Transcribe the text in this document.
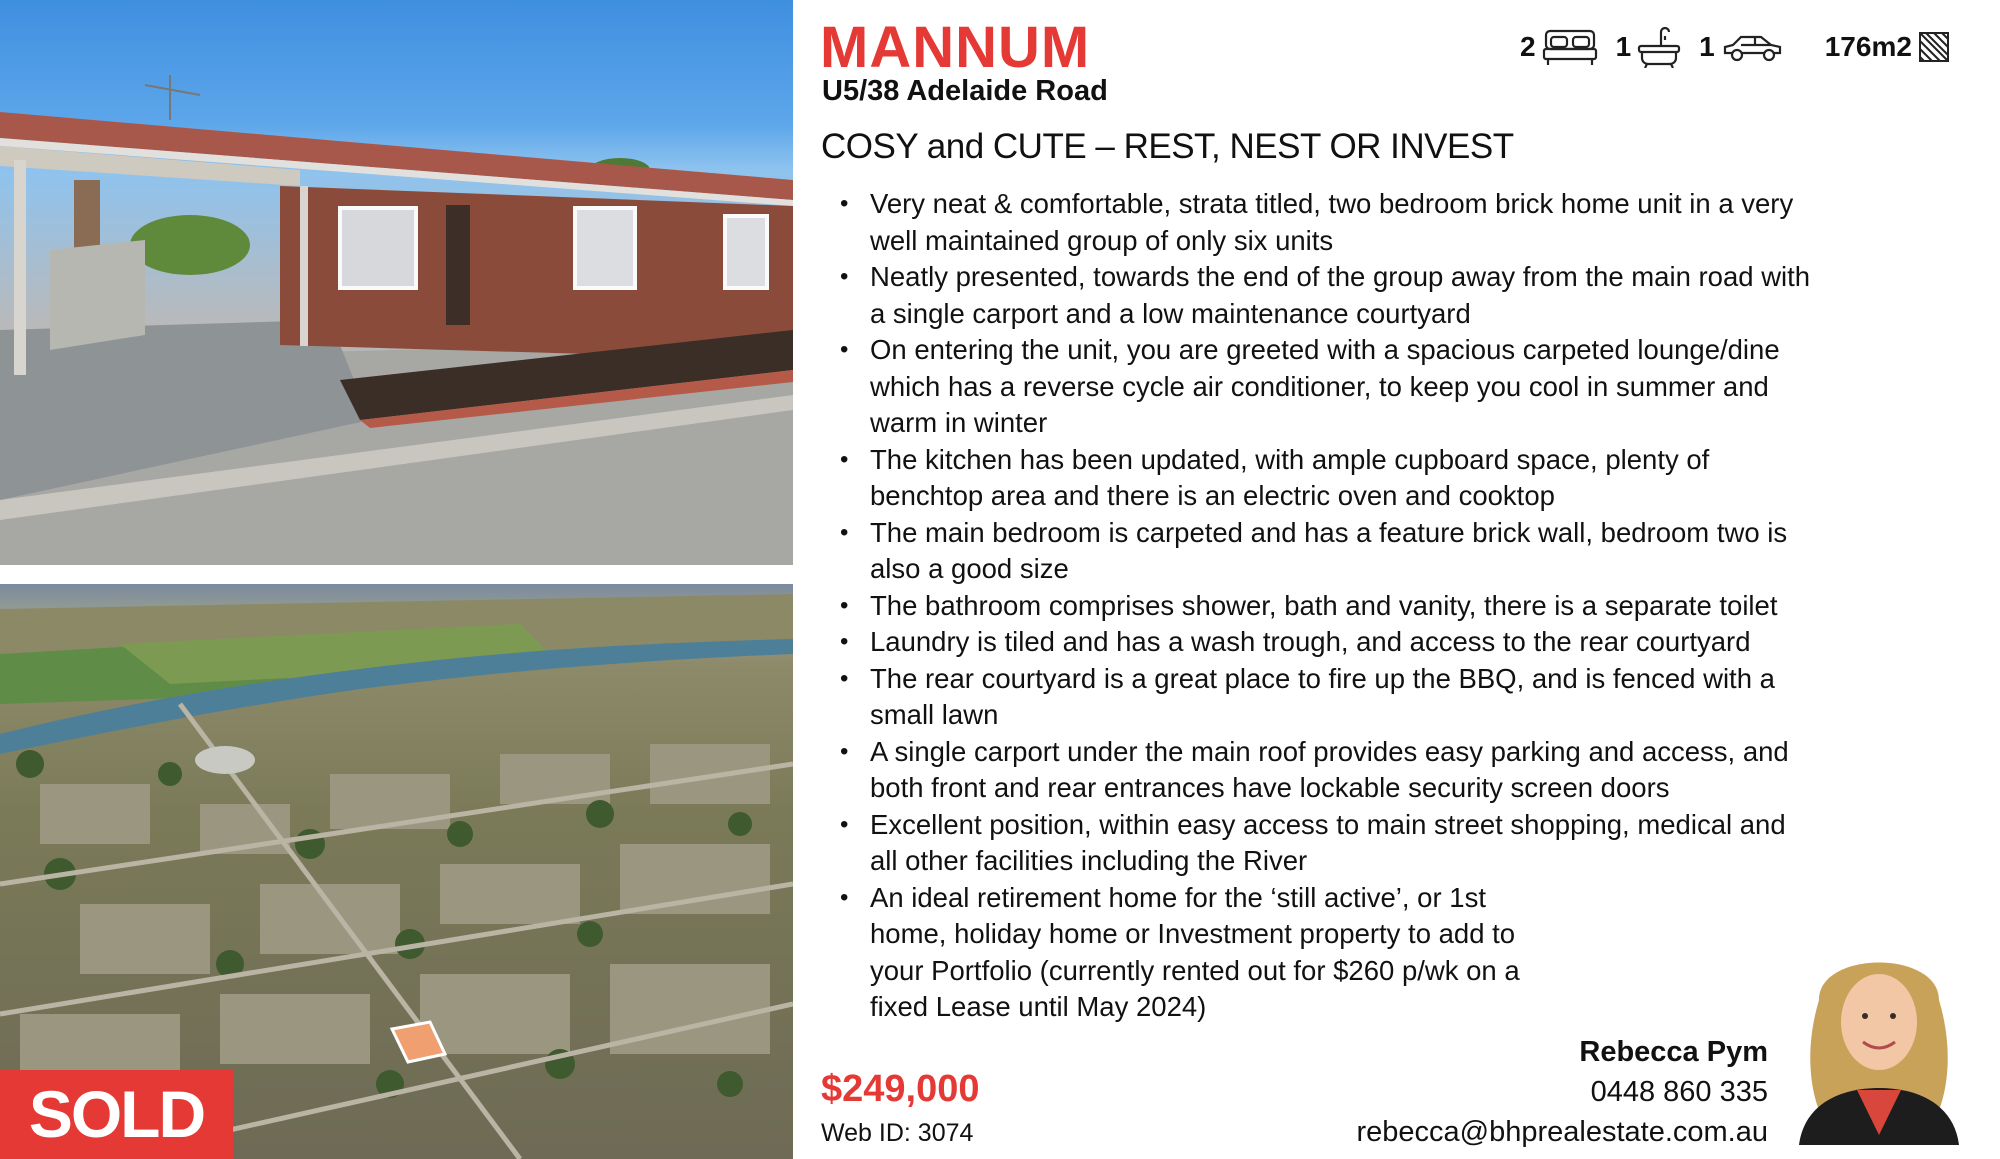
SOLD
MANNUM
U5/38 Adelaide Road
COSY and CUTE – REST, NEST OR INVEST
2	1 1	176m2
• Very neat & comfortable, strata titled, two bedroom brick home unit in a very well maintained group of only six units
• Neatly presented, towards the end of the group away from the main road with a single carport and a low maintenance courtyard
• On entering the unit, you are greeted with a spacious carpeted lounge/dine which has a reverse cycle air conditioner, to keep you cool in summer and warm in winter
• The kitchen has been updated, with ample cupboard space, plenty of benchtop area and there is an electric oven and cooktop
• The main bedroom is carpeted and has a feature brick wall, bedroom two is also a good size
• The bathroom comprises shower, bath and vanity, there is a separate toilet
• Laundry is tiled and has a wash trough, and access to the rear courtyard
• The rear courtyard is a great place to fire up the BBQ, and is fenced with a small lawn
• A single carport under the main roof provides easy parking and access, and both front and rear entrances have lockable security screen doors
• Excellent position, within easy access to main street shopping, medical and all other facilities including the River
• An ideal retirement home for the ‘still active’, or 1st home, holiday home or Investment property to add to your Portfolio (currently rented out for $260 p/wk on a fixed Lease until May 2024)
$249,000
Web ID: 3074
Rebecca Pym
0448 860 335
rebecca@bhprealestate.com.au
